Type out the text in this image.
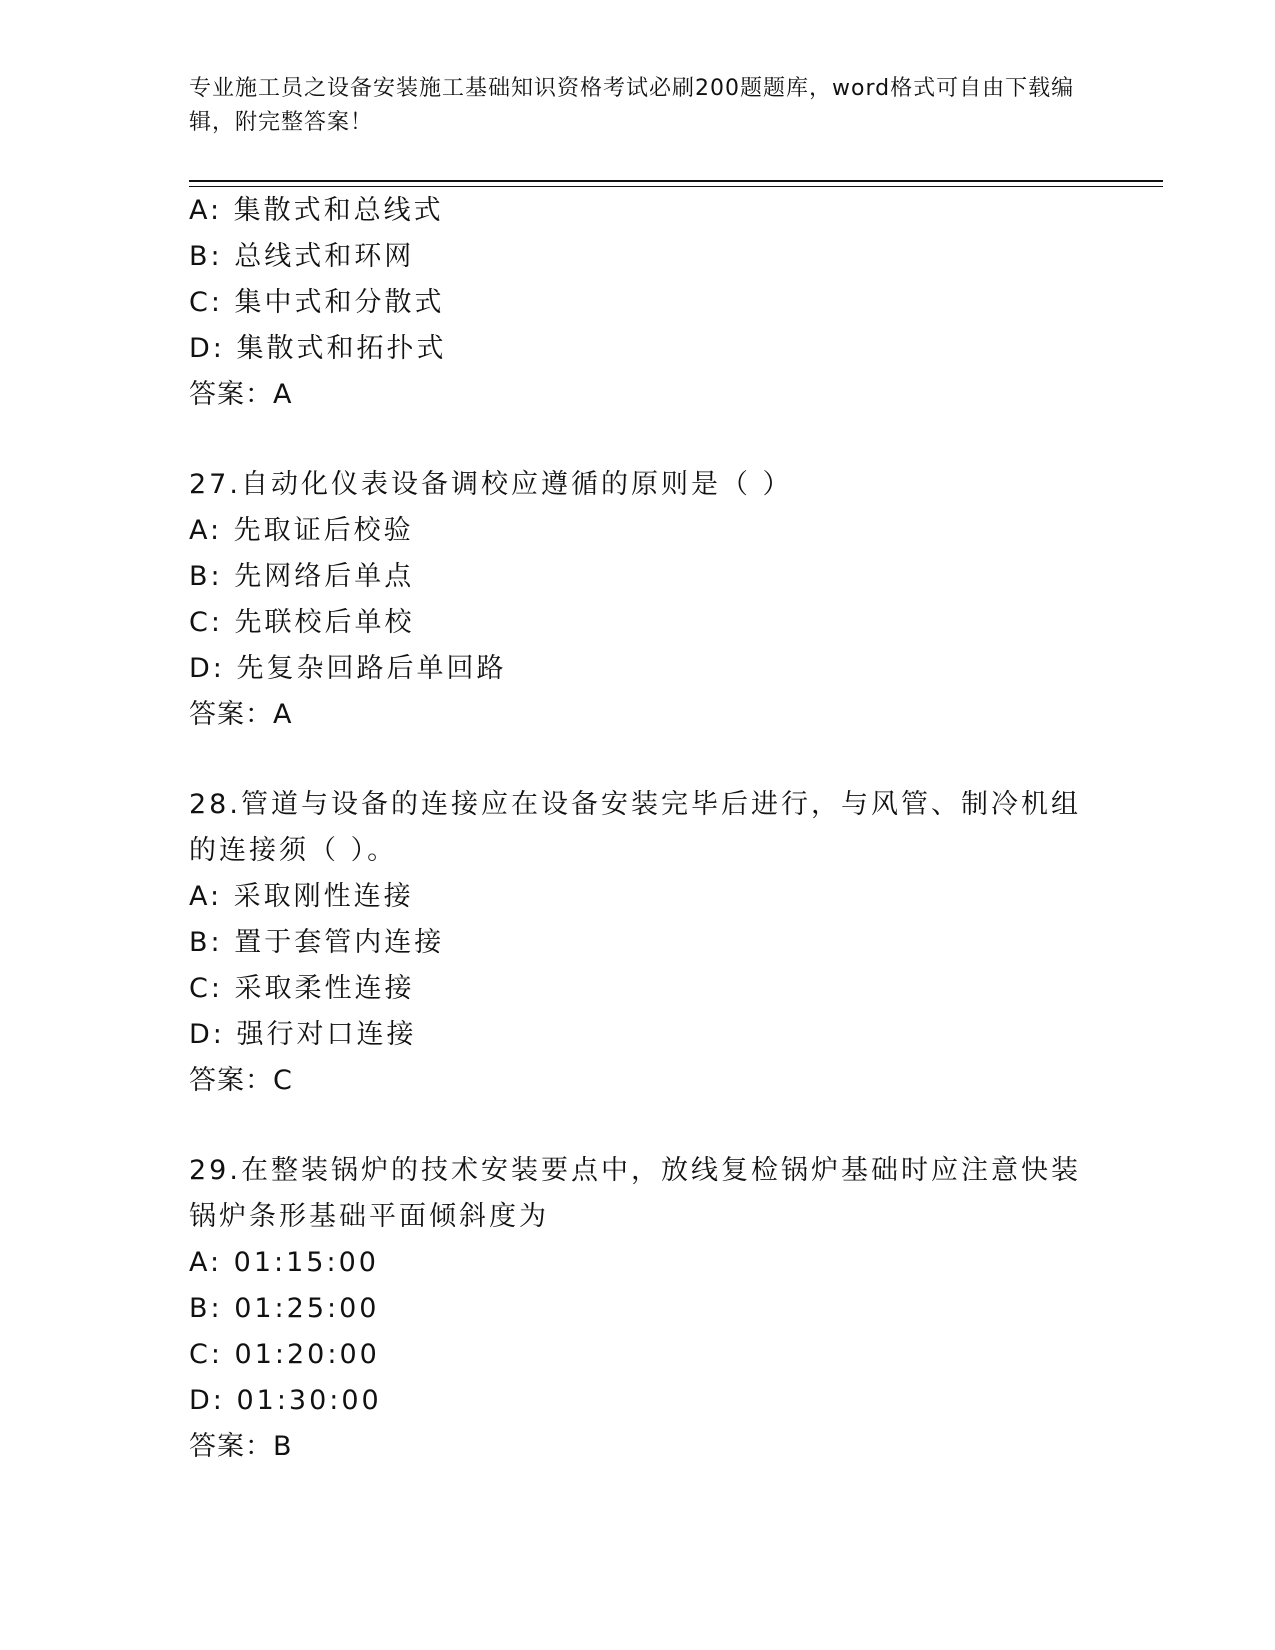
专业施工员之设备安装施工基础知识资格考试必刷200题题库，word格式可自由下载编辑，附完整答案！
A: 集散式和总线式
B: 总线式和环网
C: 集中式和分散式
D: 集散式和拓扑式
答案：A
27.自动化仪表设备调校应遵循的原则是（ ）
A: 先取证后校验
B: 先网络后单点
C: 先联校后单校
D: 先复杂回路后单回路
答案：A
28.管道与设备的连接应在设备安装完毕后进行，与风管、制冷机组的连接须（ ）。
A: 采取刚性连接
B: 置于套管内连接
C: 采取柔性连接
D: 强行对口连接
答案：C
29.在整装锅炉的技术安装要点中，放线复检锅炉基础时应注意快装锅炉条形基础平面倾斜度为
A: 01:15:00
B: 01:25:00
C: 01:20:00
D: 01:30:00
答案：B
